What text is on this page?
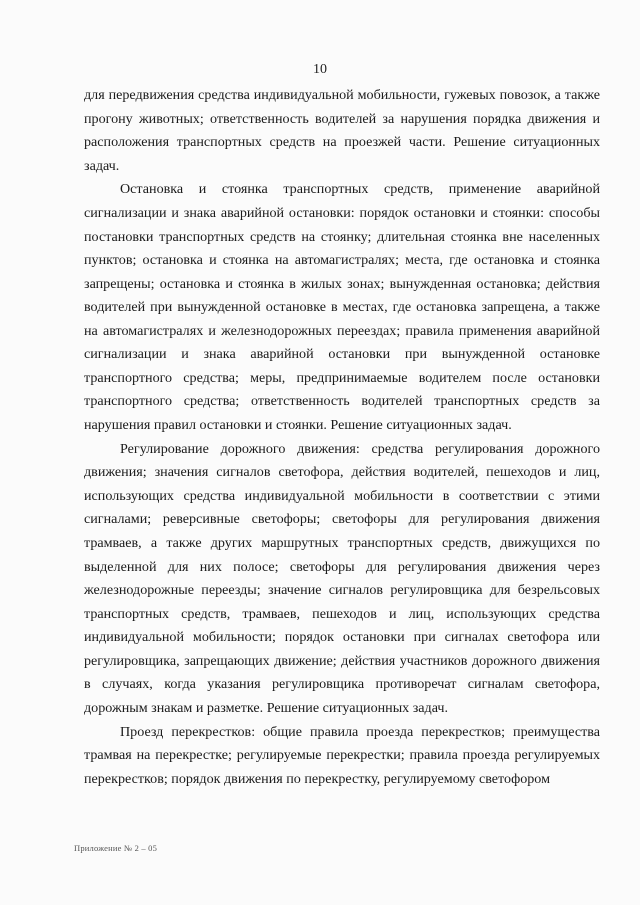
10

для передвижения средства индивидуальной мобильности, гужевых повозок, а также прогону животных; ответственность водителей за нарушения порядка движения и расположения транспортных средств на проезжей части. Решение ситуационных задач.

Остановка и стоянка транспортных средств, применение аварийной сигнализации и знака аварийной остановки: порядок остановки и стоянки: способы постановки транспортных средств на стоянку; длительная стоянка вне населенных пунктов; остановка и стоянка на автомагистралях; места, где остановка и стоянка запрещены; остановка и стоянка в жилых зонах; вынужденная остановка; действия водителей при вынужденной остановке в местах, где остановка запрещена, а также на автомагистралях и железнодорожных переездах; правила применения аварийной сигнализации и знака аварийной остановки при вынужденной остановке транспортного средства; меры, предпринимаемые водителем после остановки транспортного средства; ответственность водителей транспортных средств за нарушения правил остановки и стоянки. Решение ситуационных задач.

Регулирование дорожного движения: средства регулирования дорожного движения; значения сигналов светофора, действия водителей, пешеходов и лиц, использующих средства индивидуальной мобильности в соответствии с этими сигналами; реверсивные светофоры; светофоры для регулирования движения трамваев, а также других маршрутных транспортных средств, движущихся по выделенной для них полосе; светофоры для регулирования движения через железнодорожные переезды; значение сигналов регулировщика для безрельсовых транспортных средств, трамваев, пешеходов и лиц, использующих средства индивидуальной мобильности; порядок остановки при сигналах светофора или регулировщика, запрещающих движение; действия участников дорожного движения в случаях, когда указания регулировщика противоречат сигналам светофора, дорожным знакам и разметке. Решение ситуационных задач.

Проезд перекрестков: общие правила проезда перекрестков; преимущества трамвая на перекрестке; регулируемые перекрестки; правила проезда регулируемых перекрестков; порядок движения по перекрестку, регулируемому светофором

Приложение № 2 – 05
